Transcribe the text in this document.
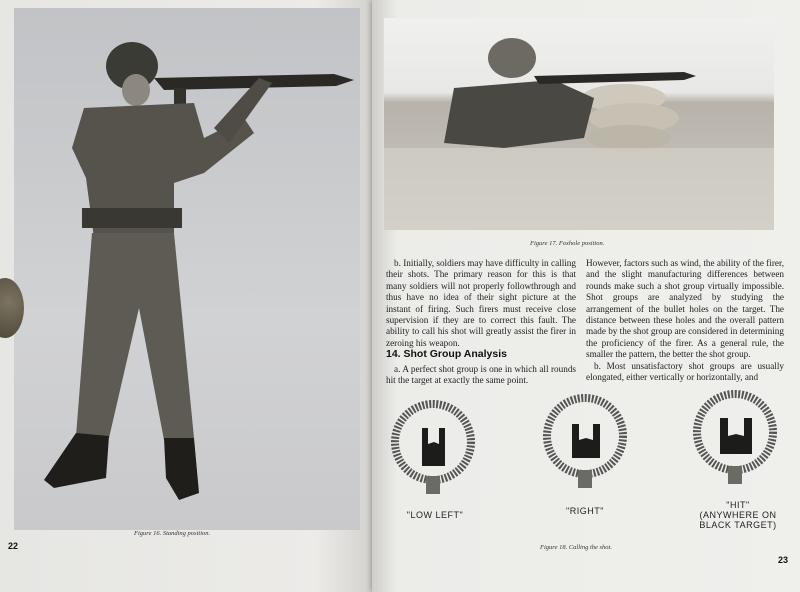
Figure 16. Standing position.
22
Figure 17. Foxhole position.

b. Initially, soldiers may have difficulty in calling their shots. The primary reason for this is that many soldiers will not properly followthrough and thus have no idea of their sight picture at the instant of firing. Such firers must receive close supervision if they are to correct this fault. The ability to call his shot will greatly assist the firer in zeroing his weapon.

14. Shot Group Analysis

a. A perfect shot group is one in which all rounds hit the target at exactly the same point.

However, factors such as wind, the ability of the firer, and the slight manufacturing differences between rounds make such a shot group virtually impossible. Shot groups are analyzed by studying the arrangement of the bullet holes on the target. The distance between these holes and the overall pattern made by the shot group are considered in determining the proficiency of the firer. As a general rule, the smaller the pattern, the better the shot group.

b. Most unsatisfactory shot groups are usually elongated, either vertically or horizontally, and

"LOW LEFT"	"RIGHT"
"HIT"
(ANYWHERE ON BLACK TARGET)
Figure 18. Calling the shot.
23
